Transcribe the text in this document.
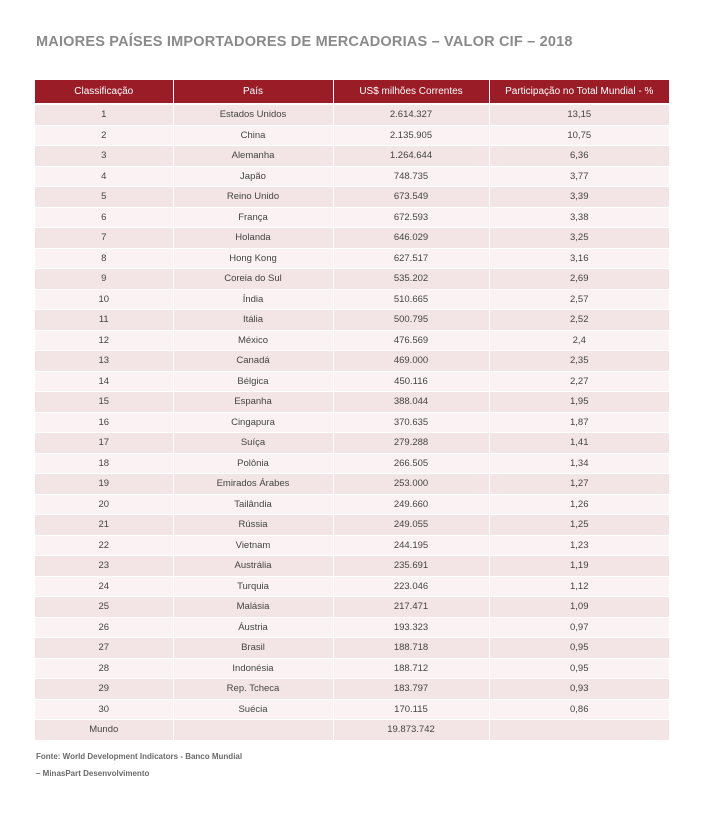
MAIORES PAÍSES IMPORTADORES DE MERCADORIAS – VALOR CIF – 2018
Classificação	País	US$ milhões Correntes	Participação no Total Mundial - %
1	Estados Unidos	2.614.327	13,15
2	China	2.135.905	10,75
3	Alemanha	1.264.644	6,36
4	Japão	748.735	3,77
5	Reino Unido	673.549	3,39
6	França	672.593	3,38
7	Holanda	646.029	3,25
8	Hong Kong	627.517	3,16
9	Coreia do Sul	535.202	2,69
10	Índia	510.665	2,57
11	Itália	500.795	2,52
12	México	476.569	2,4
13	Canadá	469.000	2,35
14	Bélgica	450.116	2,27
15	Espanha	388.044	1,95
16	Cingapura	370.635	1,87
17	Suíça	279.288	1,41
18	Polônia	266.505	1,34
19	Emirados Árabes	253.000	1,27
20	Tailândia	249.660	1,26
21	Rússia	249.055	1,25
22	Vietnam	244.195	1,23
23	Austrália	235.691	1,19
24	Turquia	223.046	1,12
25	Malásia	217.471	1,09
26	Áustria	193.323	0,97
27	Brasil	188.718	0,95
28	Indonésia	188.712	0,95
29	Rep. Tcheca	183.797	0,93
30	Suécia	170.115	0,86
Mundo		19.873.742	
Fonte: World Development Indicators - Banco Mundial
– MinasPart Desenvolvimento
